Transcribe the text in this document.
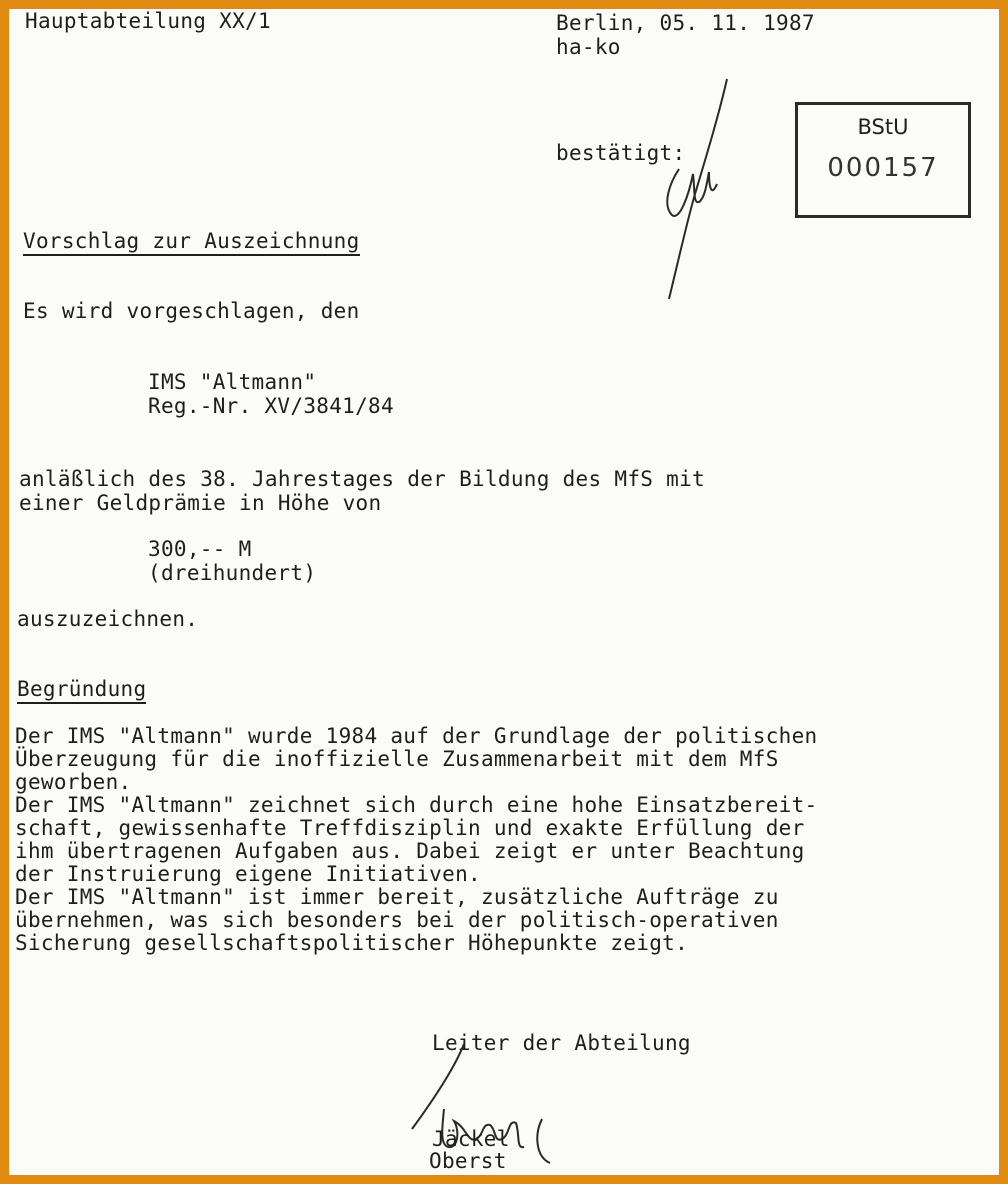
Hauptabteilung XX/1	Berlin, 05. 11. 1987
ha-ko
bestätigt:
BStU
000157
Vorschlag zur Auszeichnung
Es wird vorgeschlagen, den
IMS "Altmann"
Reg.-Nr. XV/3841/84
anläßlich des 38. Jahrestages der Bildung des MfS mit
einer Geldprämie in Höhe von
300,-- M
(dreihundert)
auszuzeichnen.
Begründung
Der IMS "Altmann" wurde 1984 auf der Grundlage der politischen
Überzeugung für die inoffizielle Zusammenarbeit mit dem MfS
geworben.
Der IMS "Altmann" zeichnet sich durch eine hohe Einsatzbereit-
schaft, gewissenhafte Treffdisziplin und exakte Erfüllung der
ihm übertragenen Aufgaben aus. Dabei zeigt er unter Beachtung
der Instruierung eigene Initiativen.
Der IMS "Altmann" ist immer bereit, zusätzliche Aufträge zu
übernehmen, was sich besonders bei der politisch-operativen
Sicherung gesellschaftspolitischer Höhepunkte zeigt.
Leiter der Abteilung
Jäckel
Oberst
